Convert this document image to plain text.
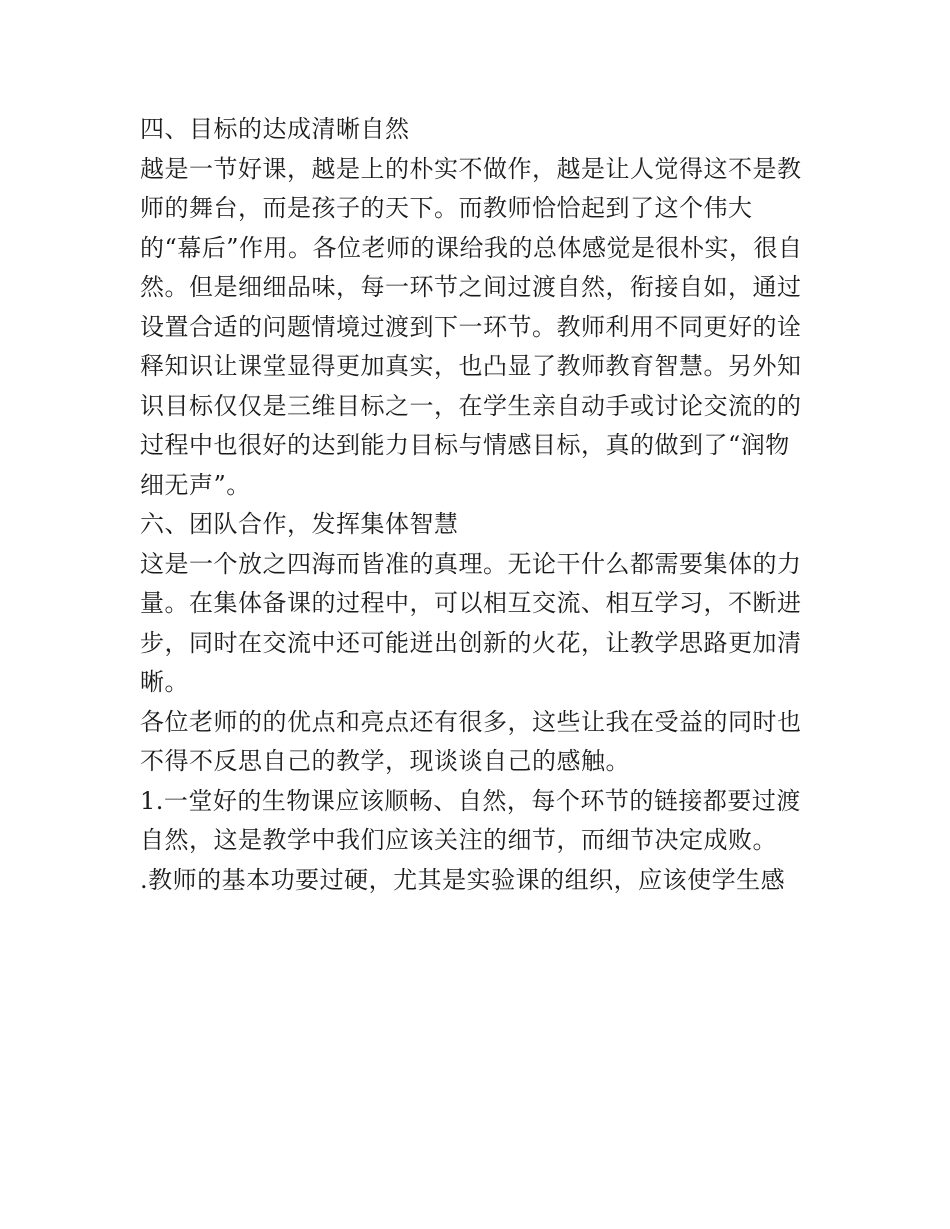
四、目标的达成清晰自然
越是一节好课，越是上的朴实不做作，越是让人觉得这不是教
师的舞台，而是孩子的天下。而教师恰恰起到了这个伟大
的“幕后”作用。各位老师的课给我的总体感觉是很朴实，很自
然。但是细细品味，每一环节之间过渡自然，衔接自如，通过
设置合适的问题情境过渡到下一环节。教师利用不同更好的诠
释知识让课堂显得更加真实，也凸显了教师教育智慧。另外知
识目标仅仅是三维目标之一，在学生亲自动手或讨论交流的的
过程中也很好的达到能力目标与情感目标，真的做到了“润物
细无声”。
六、团队合作，发挥集体智慧
这是一个放之四海而皆准的真理。无论干什么都需要集体的力
量。在集体备课的过程中，可以相互交流、相互学习，不断进
步，同时在交流中还可能迸出创新的火花，让教学思路更加清
晰。
各位老师的的优点和亮点还有很多，这些让我在受益的同时也
不得不反思自己的教学，现谈谈自己的感触。
1.一堂好的生物课应该顺畅、自然，每个环节的链接都要过渡
自然，这是教学中我们应该关注的细节，而细节决定成败。
.教师的基本功要过硬，尤其是实验课的组织，应该使学生感
